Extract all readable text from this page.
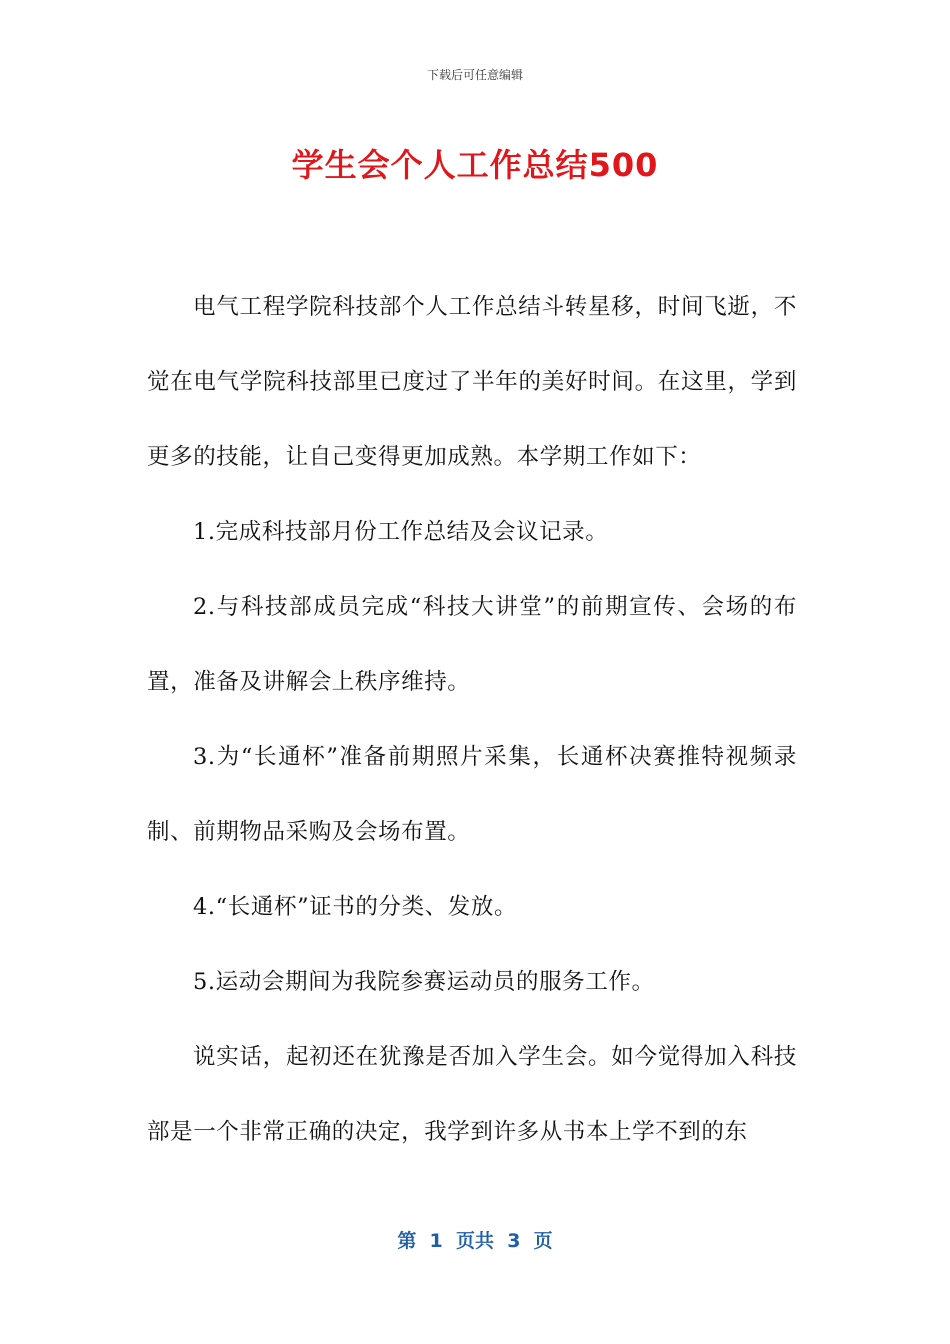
下载后可任意编辑
学生会个人工作总结500

电气工程学院科技部个人工作总结斗转星移，时间飞逝，不觉在电气学院科技部里已度过了半年的美好时间。在这里，学到更多的技能，让自己变得更加成熟。本学期工作如下：

1.完成科技部月份工作总结及会议记录。

2.与科技部成员完成“科技大讲堂”的前期宣传、会场的布置，准备及讲解会上秩序维持。

3.为“长通杯”准备前期照片采集，长通杯决赛推特视频录制、前期物品采购及会场布置。

4.“长通杯”证书的分类、发放。

5.运动会期间为我院参赛运动员的服务工作。

说实话，起初还在犹豫是否加入学生会。如今觉得加入科技部是一个非常正确的决定，我学到许多从书本上学不到的东

第  1  页共  3  页
